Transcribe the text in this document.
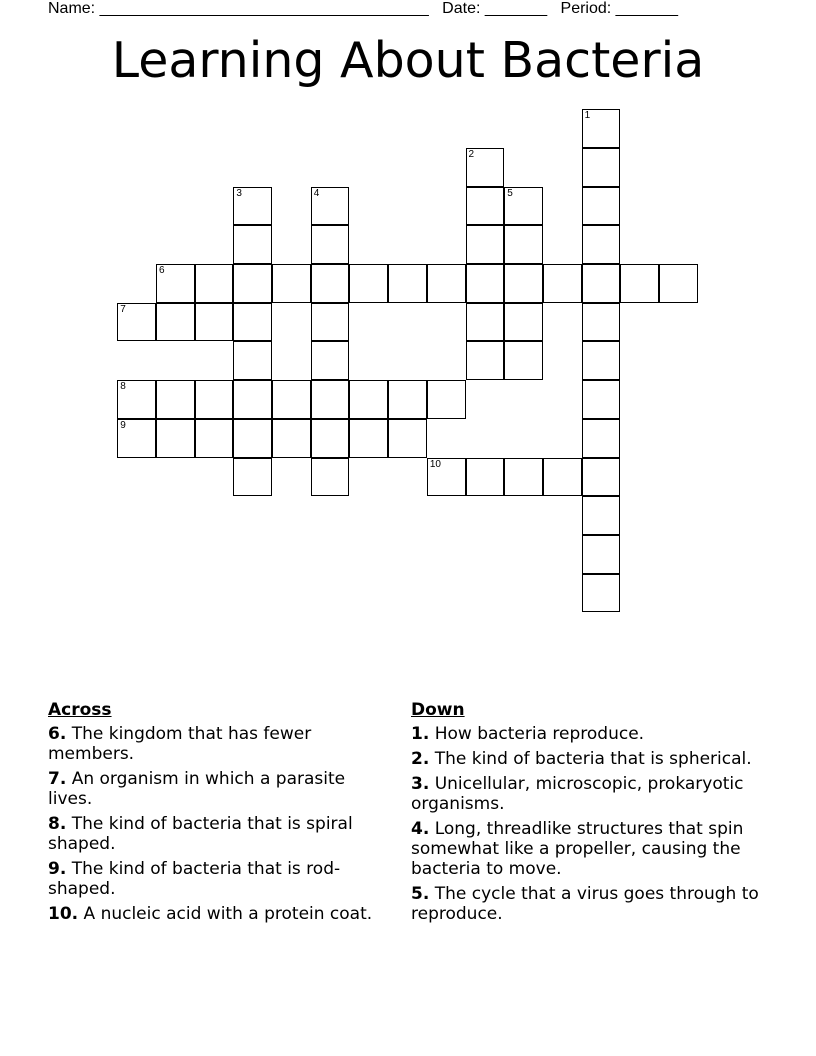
Name: _____________________________________ Date: _______ Period: _______
Learning About Bacteria
1
2
3	4	5
6
7
8
9
10
Across
6. The kingdom that has fewer members.
7. An organism in which a parasite lives.
8. The kind of bacteria that is spiral shaped.
9. The kind of bacteria that is rod-shaped.
10. A nucleic acid with a protein coat.
Down
1. How bacteria reproduce.
2. The kind of bacteria that is spherical.
3. Unicellular, microscopic, prokaryotic organisms.
4. Long, threadlike structures that spin somewhat like a propeller, causing the bacteria to move.
5. The cycle that a virus goes through to reproduce.
